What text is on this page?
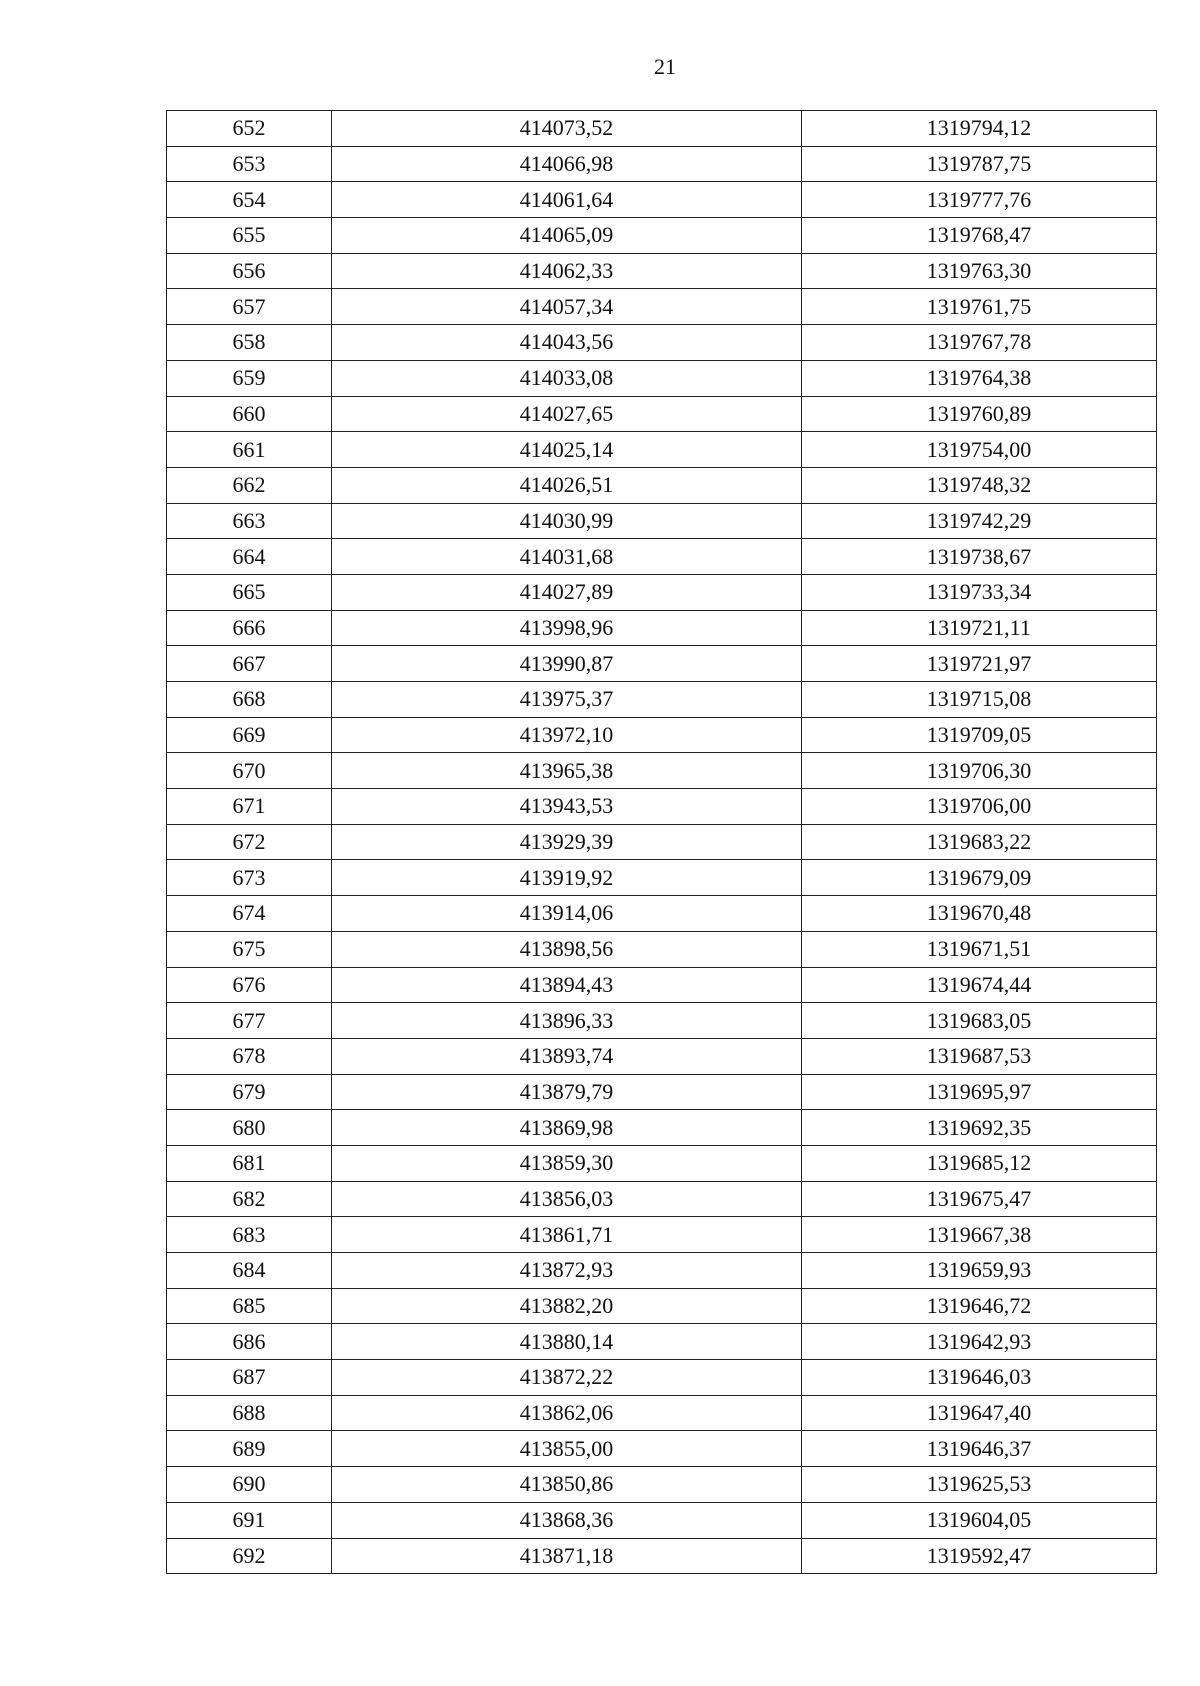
21
652	414073,52	1319794,12
653	414066,98	1319787,75
654	414061,64	1319777,76
655	414065,09	1319768,47
656	414062,33	1319763,30
657	414057,34	1319761,75
658	414043,56	1319767,78
659	414033,08	1319764,38
660	414027,65	1319760,89
661	414025,14	1319754,00
662	414026,51	1319748,32
663	414030,99	1319742,29
664	414031,68	1319738,67
665	414027,89	1319733,34
666	413998,96	1319721,11
667	413990,87	1319721,97
668	413975,37	1319715,08
669	413972,10	1319709,05
670	413965,38	1319706,30
671	413943,53	1319706,00
672	413929,39	1319683,22
673	413919,92	1319679,09
674	413914,06	1319670,48
675	413898,56	1319671,51
676	413894,43	1319674,44
677	413896,33	1319683,05
678	413893,74	1319687,53
679	413879,79	1319695,97
680	413869,98	1319692,35
681	413859,30	1319685,12
682	413856,03	1319675,47
683	413861,71	1319667,38
684	413872,93	1319659,93
685	413882,20	1319646,72
686	413880,14	1319642,93
687	413872,22	1319646,03
688	413862,06	1319647,40
689	413855,00	1319646,37
690	413850,86	1319625,53
691	413868,36	1319604,05
692	413871,18	1319592,47
